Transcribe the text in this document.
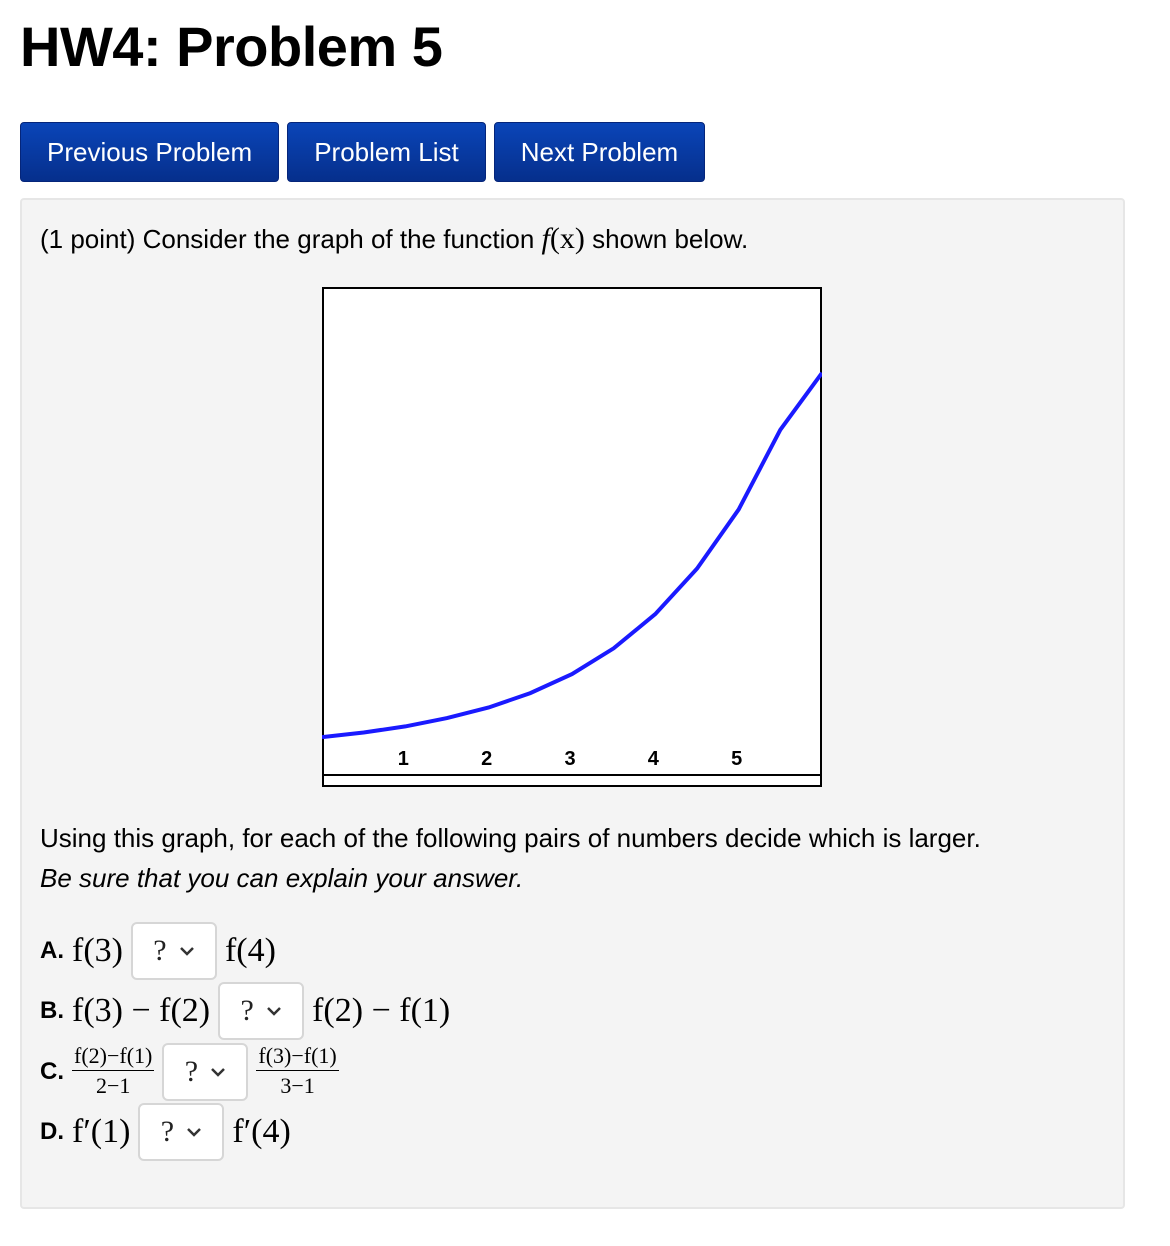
HW4: Problem 5
Previous Problem	Problem List	Next Problem
(1 point) Consider the graph of the function f(x) shown below.
1	2	3	4	5
Using this graph, for each of the following pairs of numbers decide which is larger.
Be sure that you can explain your answer.
A. f(3) ? f(4)
B. f(3) − f(2) ? f(2) − f(1)
C. $\frac{f(2)-f(1)}{2-1}$ ?	$\frac{f(3)-f(1)}{3-1}$
D. f′(1) ? f′(4)
